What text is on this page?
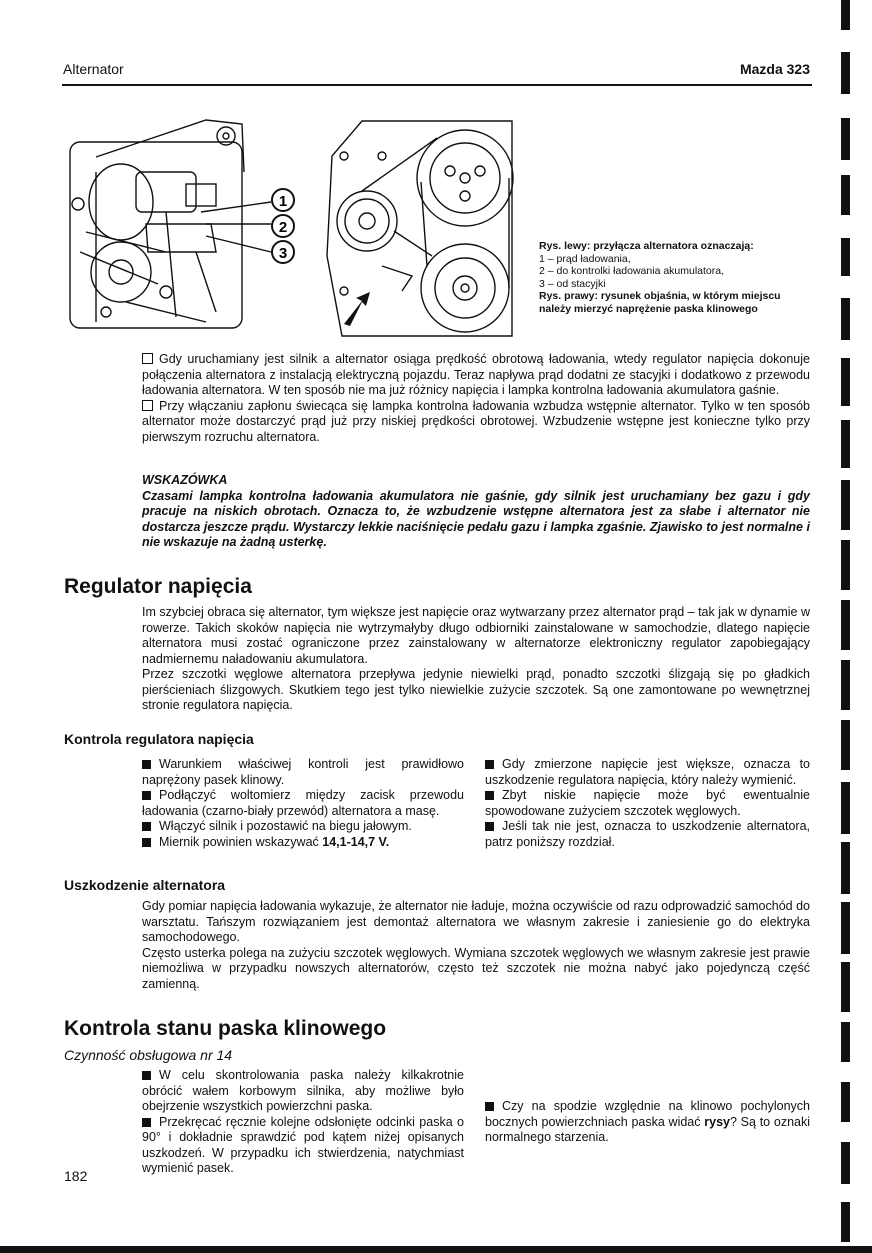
Alternator	Mazda 323
1
2
3	Rys. lewy: przyłącza alternatora oznaczają:
1 – prąd ładowania,
2 – do kontrolki ładowania akumulatora,
3 – od stacyjki
Rys. prawy: rysunek objaśnia, w którym miejscu należy mierzyć naprężenie paska klinowego

Gdy uruchamiany jest silnik a alternator osiąga prędkość obrotową ładowania, wtedy regulator napięcia dokonuje połączenia alternatora z instalacją elektryczną pojazdu. Teraz napływa prąd dodatni ze stacyjki i dodatkowo z przewodu ładowania alternatora. W ten sposób nie ma już różnicy napięcia i lampka kontrolna ładowania akumulatora gaśnie.

Przy włączaniu zapłonu świecąca się lampka kontrolna ładowania wzbudza wstępnie alternator. Tylko w ten sposób alternator może dostarczyć prąd już przy niskiej prędkości obrotowej. Wzbudzenie wstępne jest konieczne tylko przy pierwszym rozruchu alternatora.

WSKAZÓWKA

Czasami lampka kontrolna ładowania akumulatora nie gaśnie, gdy silnik jest uruchamiany bez gazu i gdy pracuje na niskich obrotach. Oznacza to, że wzbudzenie wstępne alternatora jest za słabe i alternator nie dostarcza jeszcze prądu. Wystarczy lekkie naciśnięcie pedału gazu i lampka zgaśnie. Zjawisko to jest normalne i nie wskazuje na żadną usterkę.

Regulator napięcia

Im szybciej obraca się alternator, tym większe jest napięcie oraz wytwarzany przez alternator prąd – tak jak w dynamie w rowerze. Takich skoków napięcia nie wytrzymałyby długo odbiorniki zainstalowane w samochodzie, dlatego napięcie alternatora musi zostać ograniczone przez zainstalowany w alternatorze elektroniczny regulator zapobiegający nadmiernemu naładowaniu akumulatora.

Przez szczotki węglowe alternatora przepływa jedynie niewielki prąd, ponadto szczotki ślizgają się po gładkich pierścieniach ślizgowych. Skutkiem tego jest tylko niewielkie zużycie szczotek. Są one zamontowane po wewnętrznej stronie regulatora napięcia.

Kontrola regulatora napięcia

Warunkiem właściwej kontroli jest prawidłowo naprężony pasek klinowy.

Podłączyć woltomierz między zacisk przewodu ładowania (czarno-biały przewód) alternatora a masę.

Włączyć silnik i pozostawić na biegu jałowym.

Miernik powinien wskazywać 14,1-14,7 V.

Gdy zmierzone napięcie jest większe, oznacza to uszkodzenie regulatora napięcia, który należy wymienić.

Zbyt niskie napięcie może być ewentualnie spowodowane zużyciem szczotek węglowych.

Jeśli tak nie jest, oznacza to uszkodzenie alternatora, patrz poniższy rozdział.

Uszkodzenie alternatora

Gdy pomiar napięcia ładowania wykazuje, że alternator nie ładuje, można oczywiście od razu odprowadzić samochód do warsztatu. Tańszym rozwiązaniem jest demontaż alternatora we własnym zakresie i zaniesienie go do elektryka samochodowego.

Często usterka polega na zużyciu szczotek węglowych. Wymiana szczotek węglowych we własnym zakresie jest prawie niemożliwa w przypadku nowszych alternatorów, często też szczotek nie można nabyć jako pojedynczą część zamienną.

Kontrola stanu paska klinowego
Czynność obsługowa nr 14

W celu skontrolowania paska należy kilkakrotnie obrócić wałem korbowym silnika, aby możliwe było obejrzenie wszystkich powierzchni paska.

Przekręcać ręcznie kolejne odsłonięte odcinki paska o 90° i dokładnie sprawdzić pod kątem niżej opisanych uszkodzeń. W przypadku ich stwierdzenia, natychmiast wymienić pasek.

Czy na spodzie względnie na klinowo pochylonych bocznych powierzchniach paska widać rysy? Są to oznaki normalnego starzenia.

182
